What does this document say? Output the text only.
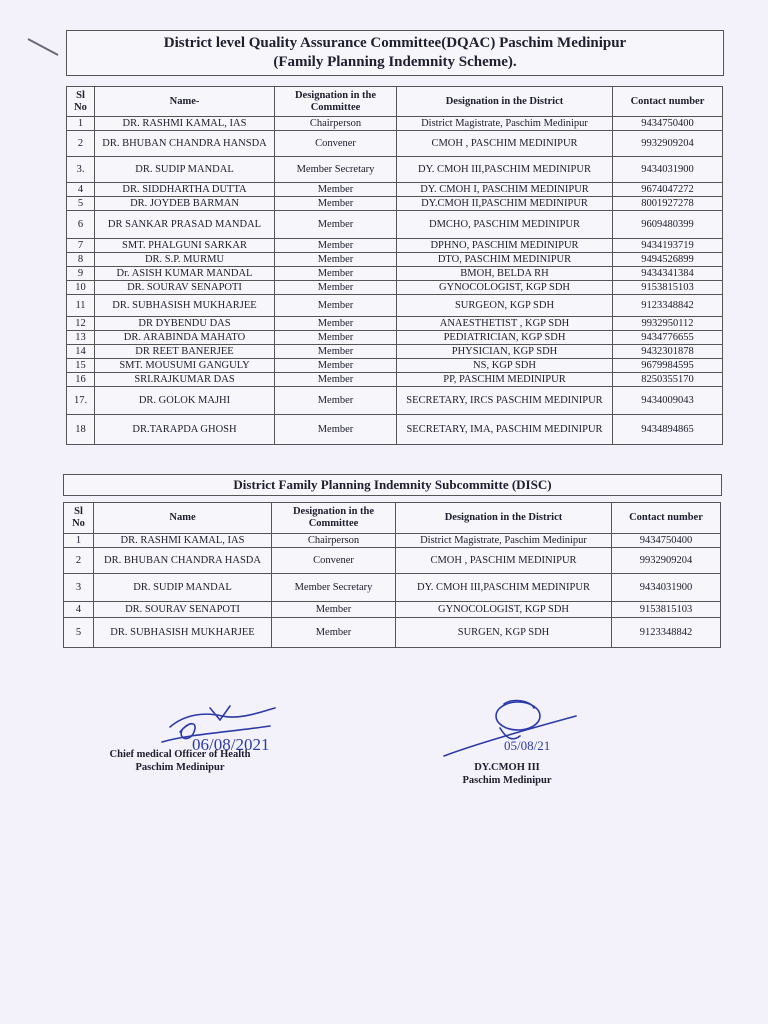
District level Quality Assurance Committee(DQAC) Paschim Medinipur
(Family Planning Indemnity Scheme).
Sl No	Name-	Designation in the Committee	Designation in the District	Contact number
1	DR. RASHMI KAMAL, IAS	Chairperson	District Magistrate, Paschim Medinipur	9434750400
2	DR. BHUBAN CHANDRA HANSDA	Convener	CMOH , PASCHIM MEDINIPUR	9932909204
3.	DR. SUDIP MANDAL	Member Secretary	DY. CMOH III,PASCHIM MEDINIPUR	9434031900
4	DR. SIDDHARTHA DUTTA	Member	DY. CMOH I, PASCHIM MEDINIPUR	9674047272
5	DR. JOYDEB BARMAN	Member	DY.CMOH II,PASCHIM MEDINIPUR	8001927278
6	DR SANKAR PRASAD MANDAL	Member	DMCHO, PASCHIM MEDINIPUR	9609480399
7	SMT. PHALGUNI SARKAR	Member	DPHNO, PASCHIM MEDINIPUR	9434193719
8	DR. S.P. MURMU	Member	DTO, PASCHIM MEDINIPUR	9494526899
9	Dr. ASISH KUMAR MANDAL	Member	BMOH, BELDA RH	9434341384
10	DR. SOURAV SENAPOTI	Member	GYNOCOLOGIST, KGP SDH	9153815103
11	DR. SUBHASISH MUKHARJEE	Member	SURGEON, KGP SDH	9123348842
12	DR DYBENDU DAS	Member	ANAESTHETIST , KGP SDH	9932950112
13	DR. ARABINDA MAHATO	Member	PEDIATRICIAN, KGP SDH	9434776655
14	DR REET BANERJEE	Member	PHYSICIAN, KGP SDH	9432301878
15	SMT. MOUSUMI GANGULY	Member	NS, KGP SDH	9679984595
16	SRI.RAJKUMAR DAS	Member	PP, PASCHIM MEDINIPUR	8250355170
17.	DR. GOLOK MAJHI	Member	SECRETARY, IRCS PASCHIM MEDINIPUR	9434009043
18	DR.TARAPDA GHOSH	Member	SECRETARY, IMA, PASCHIM MEDINIPUR	9434894865
District Family Planning Indemnity Subcommitte (DISC)
Sl No	Name	Designation in the Committee	Designation in the District	Contact number
1	DR. RASHMI KAMAL, IAS	Chairperson	District Magistrate, Paschim Medinipur	9434750400
2	DR. BHUBAN CHANDRA HASDA	Convener	CMOH , PASCHIM MEDINIPUR	9932909204
3	DR. SUDIP MANDAL	Member Secretary	DY. CMOH III,PASCHIM MEDINIPUR	9434031900
4	DR. SOURAV SENAPOTI	Member	GYNOCOLOGIST, KGP SDH	9153815103
5	DR. SUBHASISH MUKHARJEE	Member	SURGEN, KGP SDH	9123348842
06/08/2021
Chief medical Officer of Health
Paschim Medinipur
05/08/21
DY.CMOH III
Paschim Medinipur
